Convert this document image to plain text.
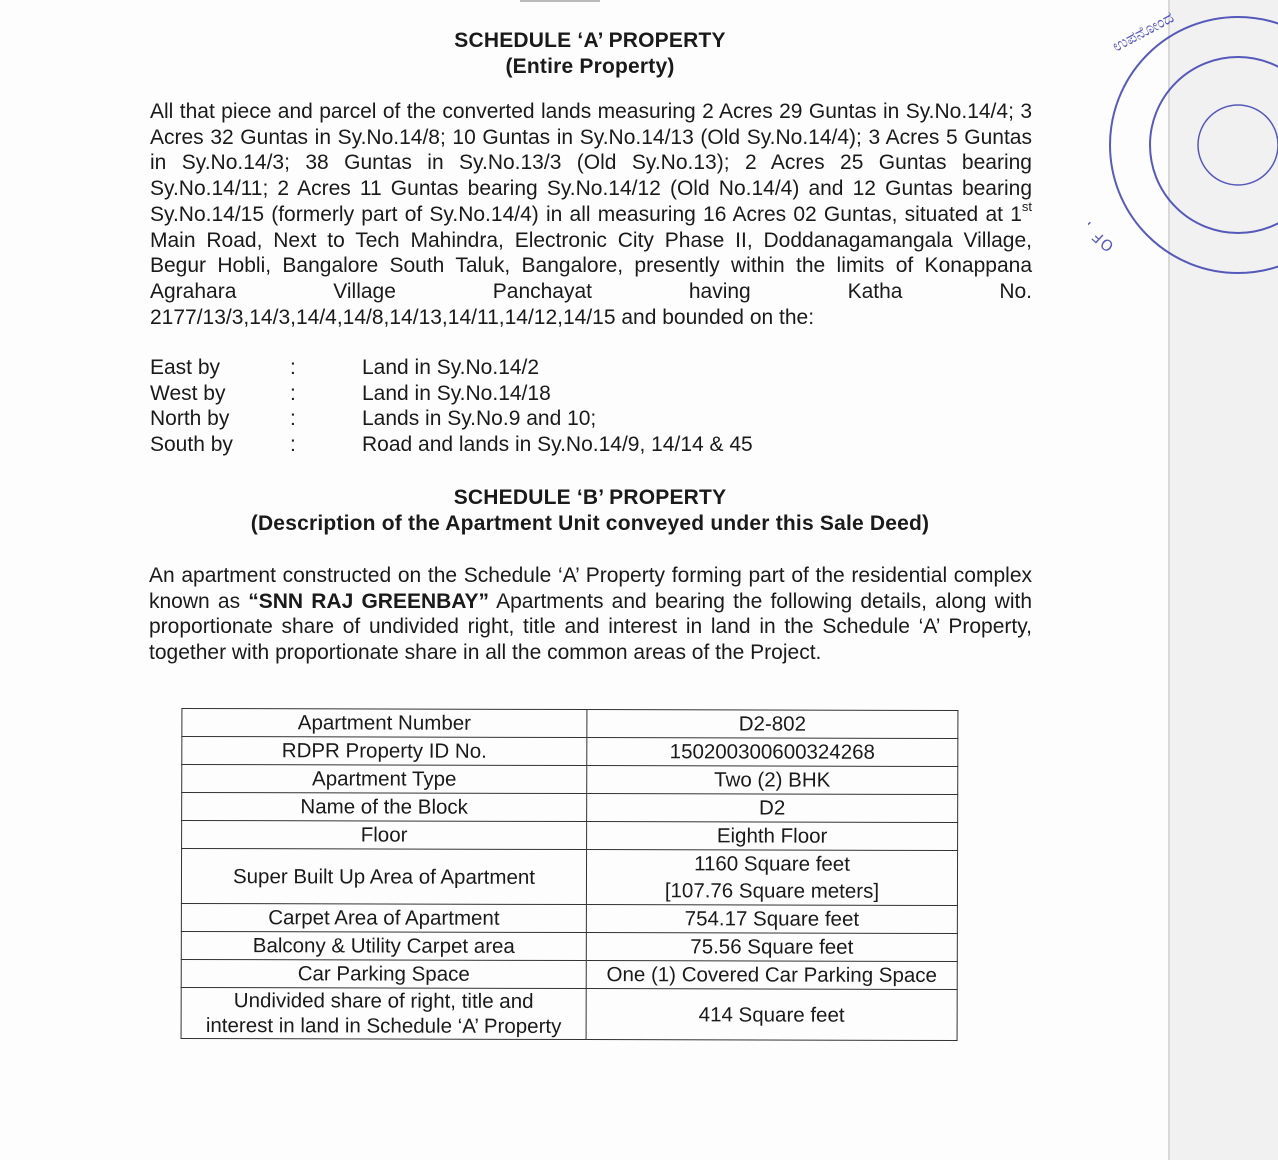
SCHEDULE ‘A’ PROPERTY
(Entire Property)
All that piece and parcel of the converted lands measuring 2 Acres 29 Guntas in Sy.No.14/4; 3 Acres 32 Guntas in Sy.No.14/8; 10 Guntas in Sy.No.14/13 (Old Sy.No.14/4); 3 Acres 5 Guntas in Sy.No.14/3; 38 Guntas in Sy.No.13/3 (Old Sy.No.13); 2 Acres 25 Guntas bearing Sy.No.14/11; 2 Acres 11 Guntas bearing Sy.No.14/12 (Old No.14/4) and 12 Guntas bearing Sy.No.14/15 (formerly part of Sy.No.14/4) in all measuring 16 Acres 02 Guntas, situated at 1st Main Road, Next to Tech Mahindra, Electronic City Phase II, Doddanagamangala Village, Begur Hobli, Bangalore South Taluk, Bangalore, presently within the limits of Konappana Agrahara Village Panchayat having Katha No. 2177/13/3,14/3,14/4,14/8,14/13,14/11,14/12,14/15 and bounded on the:
East by	:	Land in Sy.No.14/2
West by	:	Land in Sy.No.14/18
North by	:	Lands in Sy.No.9 and 10;
South by	:	Road and lands in Sy.No.14/9, 14/14 & 45
SCHEDULE ‘B’ PROPERTY
(Description of the Apartment Unit conveyed under this Sale Deed)
An apartment constructed on the Schedule ‘A’ Property forming part of the residential complex known as “SNN RAJ GREENBAY” Apartments and bearing the following details, along with proportionate share of undivided right, title and interest in land in the Schedule ‘A’ Property, together with proportionate share in all the common areas of the Project.
Apartment Number	D2-802
RDPR Property ID No.	150200300600324268
Apartment Type	Two (2) BHK
Name of the Block	D2
Floor	Eighth Floor
Super Built Up Area of Apartment	1160 Square feet
[107.76 Square meters]

Carpet Area of Apartment	754.17 Square feet
Balcony & Utility Carpet area	75.56 Square feet
Car Parking Space	One (1) Covered Car Parking Space

Undivided share of right, title and
interest in land in Schedule ‘A’ Property	414 Square feet
OF
ಉಪನೋಂದ
